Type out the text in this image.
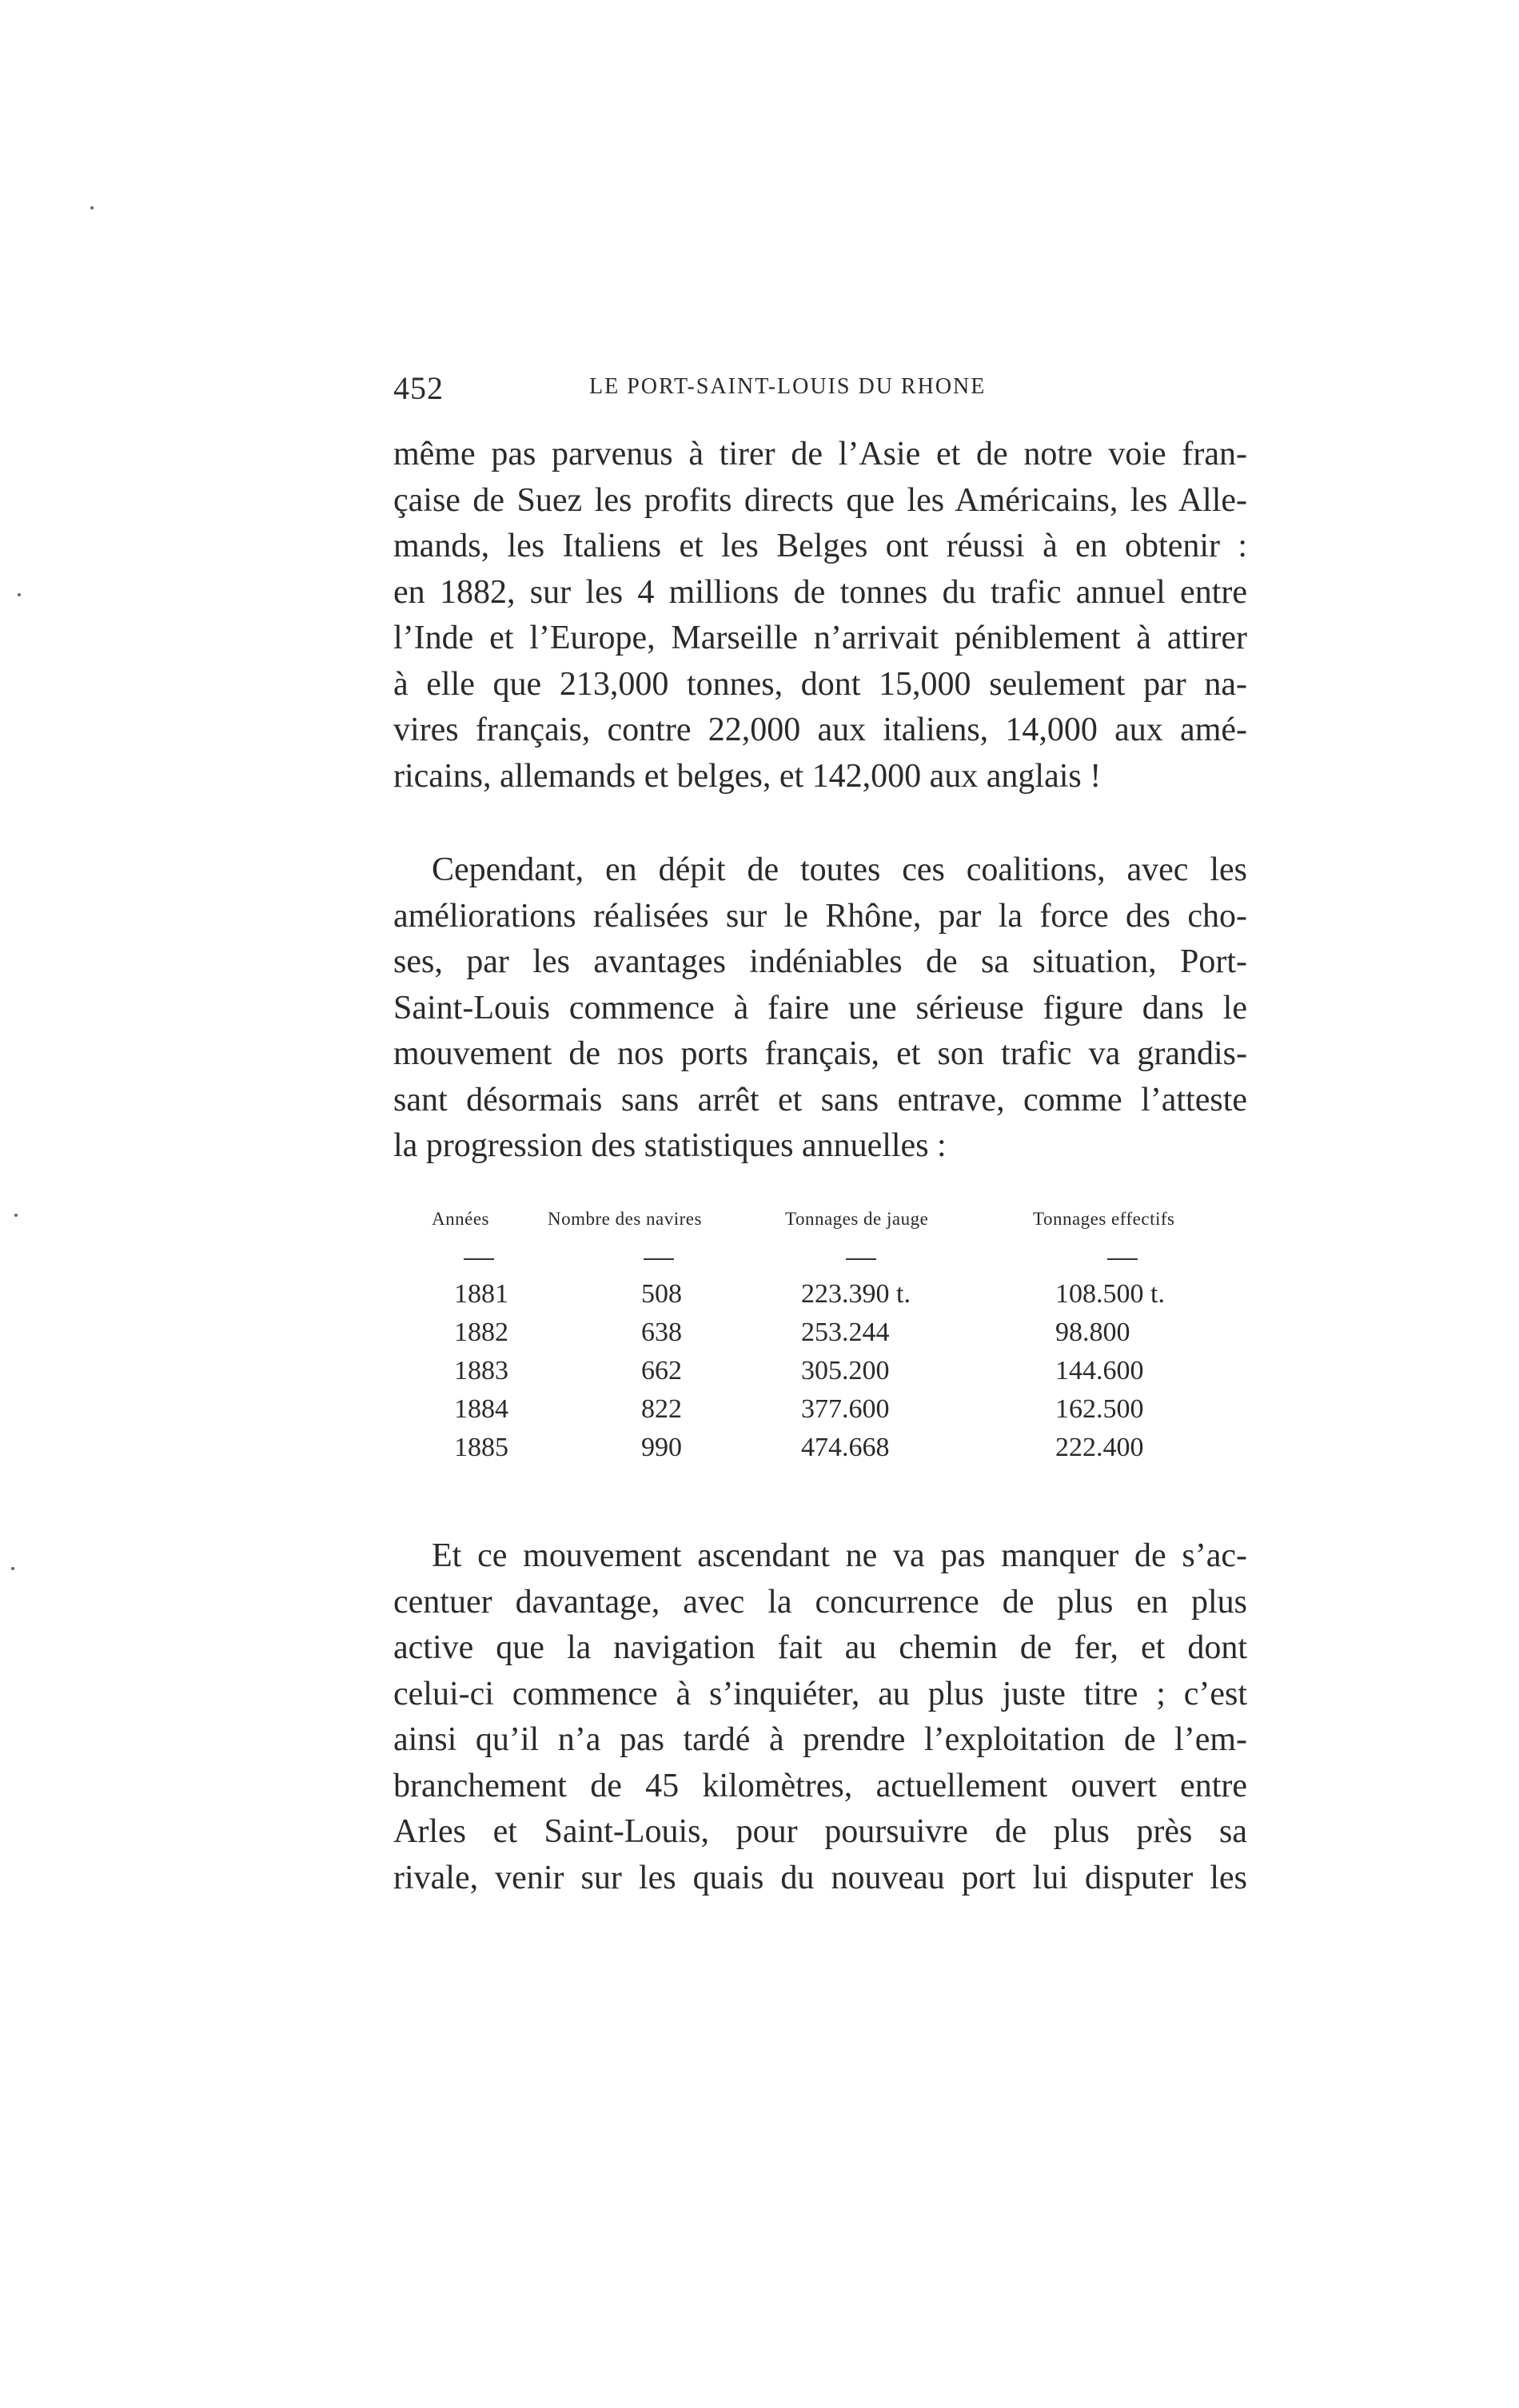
452	LE PORT-SAINT-LOUIS DU RHONE
même pas parvenus à tirer de l’Asie et de notre voie fran-
çaise de Suez les profits directs que les Américains, les Alle-
mands, les Italiens et les Belges ont réussi à en obtenir :
en 1882, sur les 4 millions de tonnes du trafic annuel entre
l’Inde et l’Europe, Marseille n’arrivait péniblement à attirer
à elle que 213,000 tonnes, dont 15,000 seulement par na-
vires français, contre 22,000 aux italiens, 14,000 aux amé-
ricains, allemands et belges, et 142,000 aux anglais !
Cependant, en dépit de toutes ces coalitions, avec les
améliorations réalisées sur le Rhône, par la force des cho-
ses, par les avantages indéniables de sa situation, Port-
Saint-Louis commence à faire une sérieuse figure dans le
mouvement de nos ports français, et son trafic va grandis-
sant désormais sans arrêt et sans entrave, comme l’atteste
la progression des statistiques annuelles :
Années	Nombre des navires	Tonnages de jauge	Tonnages effectifs
1881	508	223.390 t.	108.500 t.
1882	638	253.244	98.800
1883	662	305.200	144.600
1884	822	377.600	162.500
1885	990	474.668	222.400
Et ce mouvement ascendant ne va pas manquer de s’ac-
centuer davantage, avec la concurrence de plus en plus
active que la navigation fait au chemin de fer, et dont
celui-ci commence à s’inquiéter, au plus juste titre ; c’est
ainsi qu’il n’a pas tardé à prendre l’exploitation de l’em-
branchement de 45 kilomètres, actuellement ouvert entre
Arles et Saint-Louis, pour poursuivre de plus près sa
rivale, venir sur les quais du nouveau port lui disputer les
